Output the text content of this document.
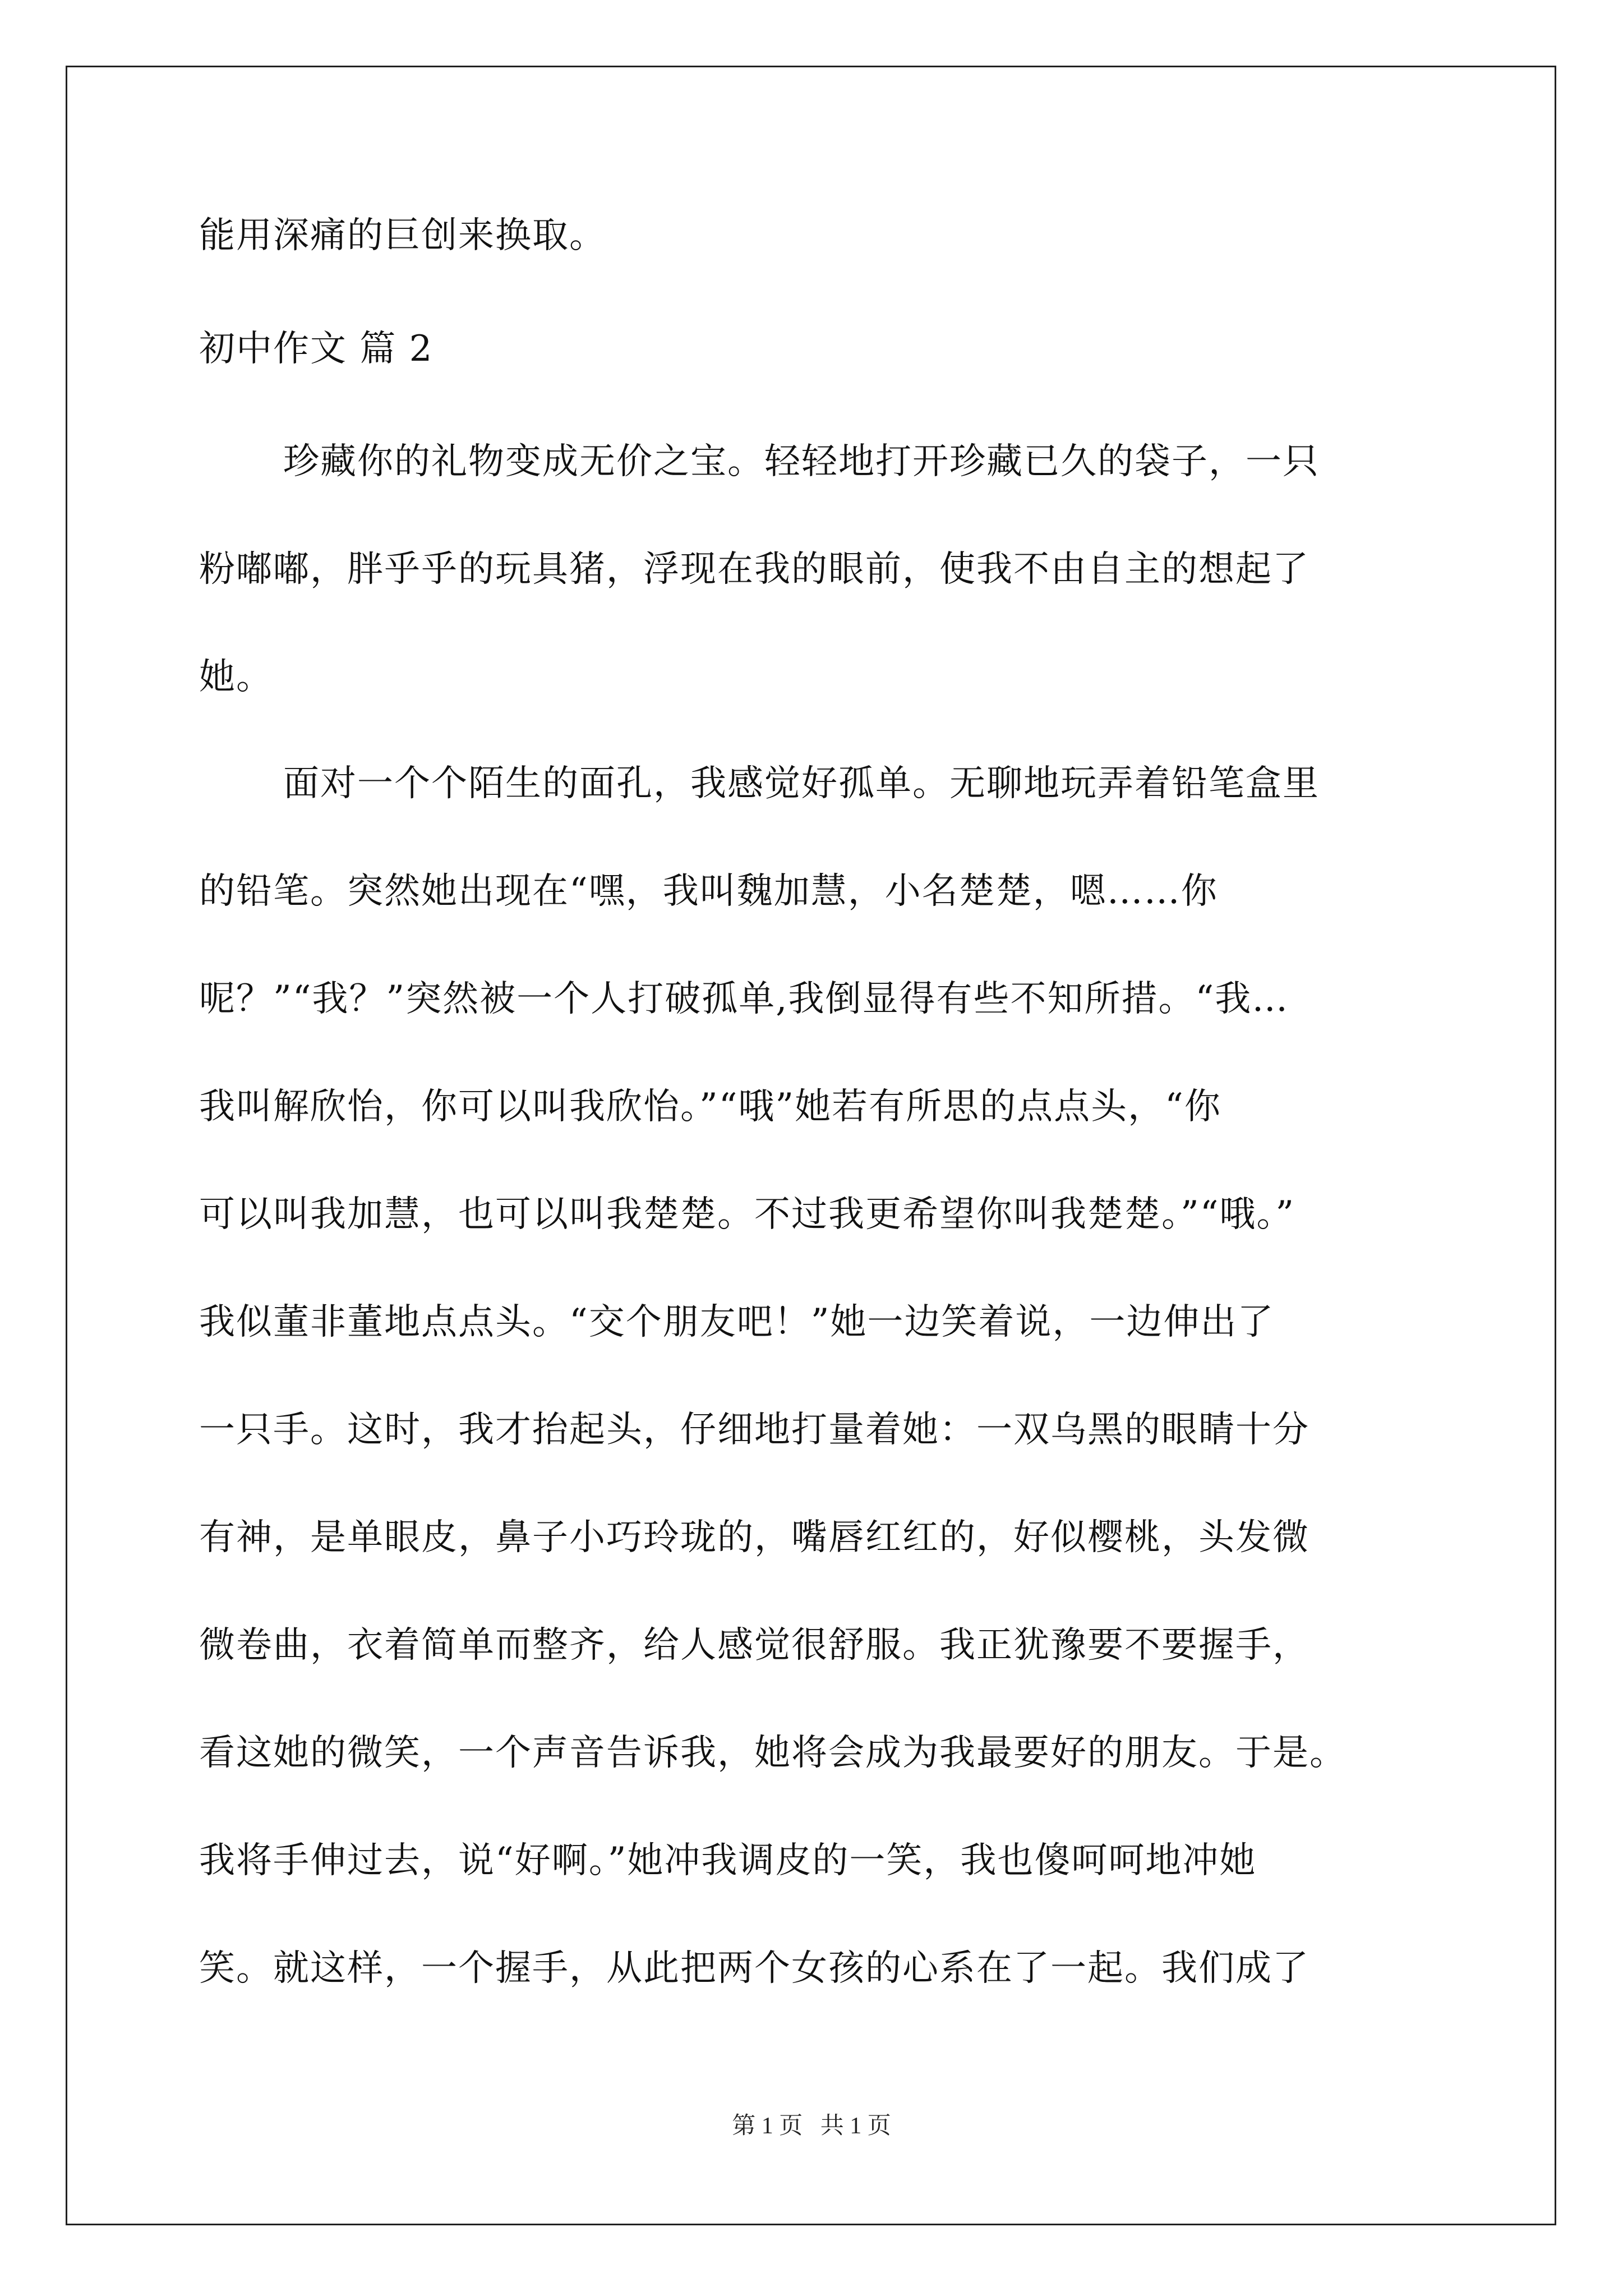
能用深痛的巨创来换取。
初中作文 篇 2
珍藏你的礼物变成无价之宝。轻轻地打开珍藏已久的袋子，一只
粉嘟嘟，胖乎乎的玩具猪，浮现在我的眼前，使我不由自主的想起了
她。
面对一个个陌生的面孔，我感觉好孤单。无聊地玩弄着铅笔盒里
的铅笔。突然她出现在“嘿，我叫魏加慧，小名楚楚，嗯……你
呢？”“我？”突然被一个人打破孤单,我倒显得有些不知所措。“我…
我叫解欣怡，你可以叫我欣怡。”“哦”她若有所思的点点头，“你
可以叫我加慧，也可以叫我楚楚。不过我更希望你叫我楚楚。”“哦。”
我似董非董地点点头。“交个朋友吧！”她一边笑着说，一边伸出了
一只手。这时，我才抬起头，仔细地打量着她：一双乌黑的眼睛十分
有神，是单眼皮，鼻子小巧玲珑的，嘴唇红红的，好似樱桃，头发微
微卷曲，衣着简单而整齐，给人感觉很舒服。我正犹豫要不要握手，
看这她的微笑，一个声音告诉我，她将会成为我最要好的朋友。于是。
我将手伸过去，说“好啊。”她冲我调皮的一笑，我也傻呵呵地冲她
笑。就这样，一个握手，从此把两个女孩的心系在了一起。我们成了
第 1 页   共 1 页
